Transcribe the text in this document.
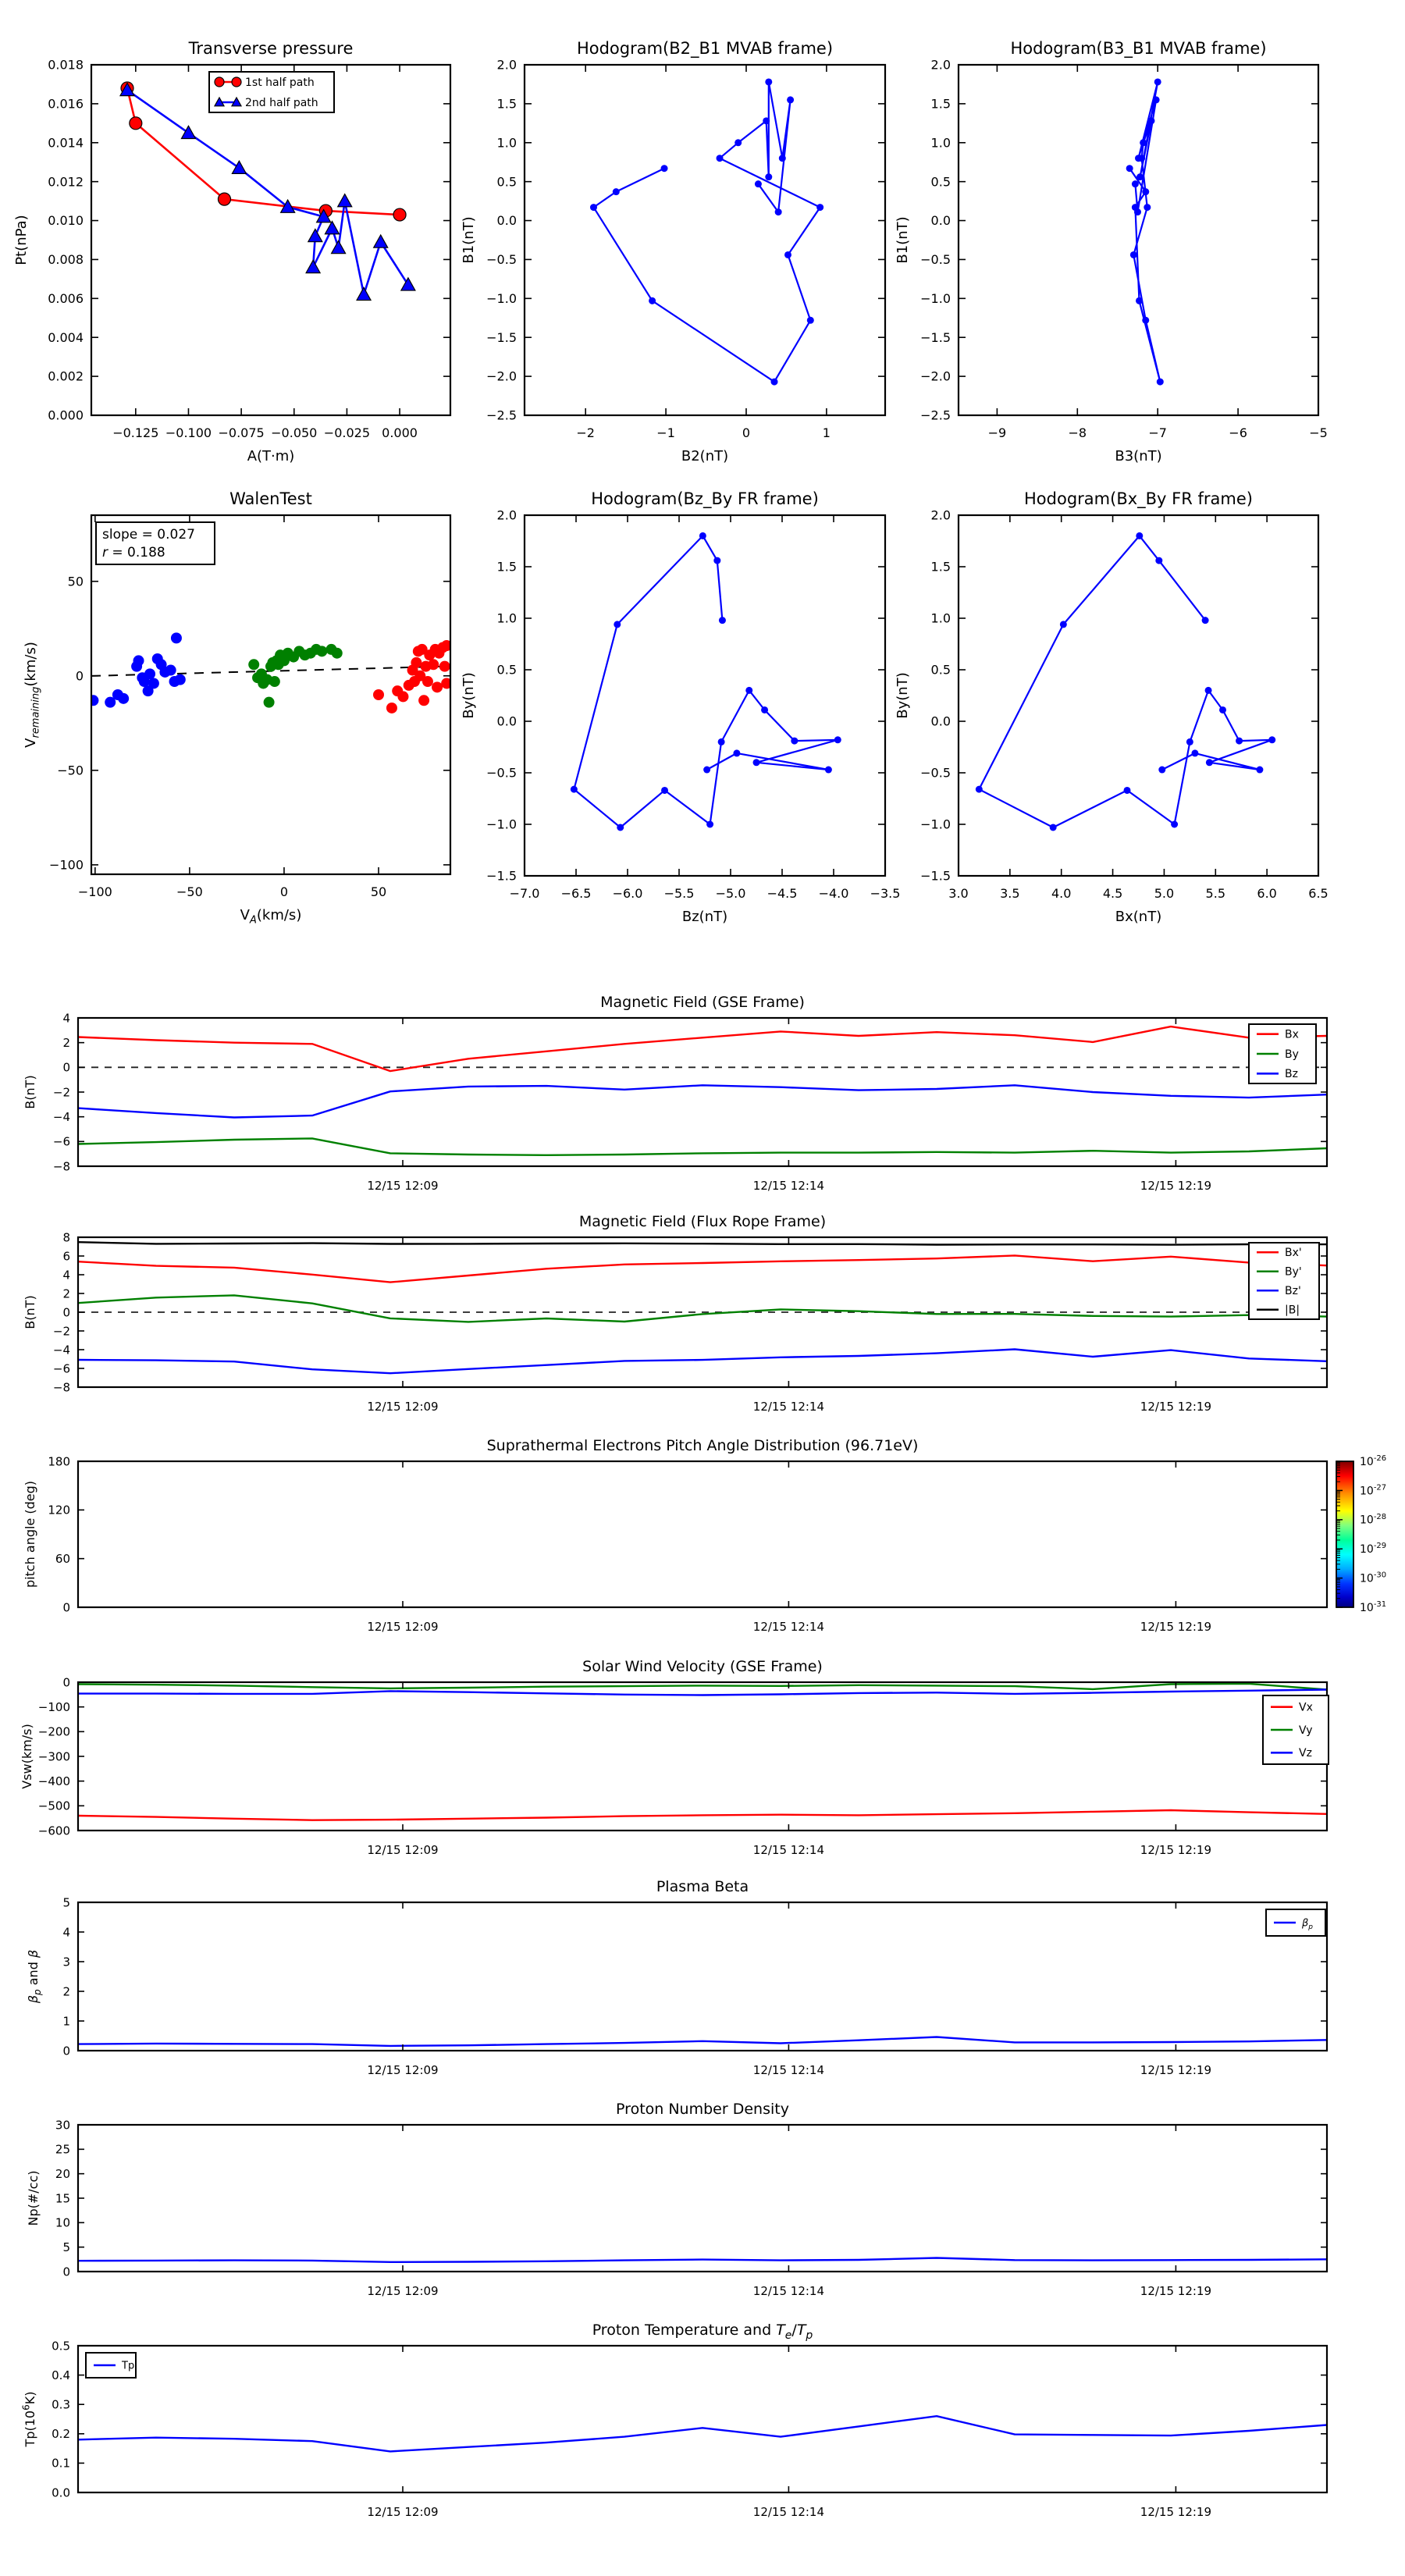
−0.125 −0.100 −0.075 −0.050 −0.025 0.000
0.000
0.002
0.004
0.006
0.008
0.010
0.012
0.014
0.016
0.018
Transverse pressure
A(T·m)
Pt(nPa)
1st half path
2nd half path
−2	−1	0	1
−2.5
−2.0
−1.5
−1.0
−0.5
0.0
0.5
1.0
1.5
2.0
Hodogram(B2_B1 MVAB frame)
B2(nT)
B1(nT)
−9	−8	−7	−6	−5
−2.5
−2.0
−1.5
−1.0
−0.5
0.0
0.5
1.0
1.5
2.0
Hodogram(B3_B1 MVAB frame)
B3(nT)
B1(nT)
−100	−50	0	50
−100
−50
0
50
WalenTest
$V_A(km/s)$
$V_{remaining}(km/s)$
slope = 0.027
r = 0.188
−7.0 −6.5 −6.0 −5.5 −5.0 −4.5 −4.0 −3.5
−1.5
−1.0
−0.5
0.0
0.5
1.0
1.5
2.0
Hodogram(Bz_By FR frame)
Bz(nT)
By(nT)
3.0	3.5	4.0	4.5	5.0	5.5	6.0	6.5
−1.5
−1.0
−0.5
0.0
0.5
1.0
1.5
2.0
Hodogram(Bx_By FR frame)
Bx(nT)
By(nT)
12/15 12:09	12/15 12:14	12/15 12:19
−8
−6
−4
−2
0
2
4
Magnetic Field (GSE Frame)
B(nT)
Bx
By
Bz
12/15 12:09	12/15 12:14	12/15 12:19
−8
−6
−4
−2
0
2
4
6
8
Magnetic Field (Flux Rope Frame)
B(nT)
Bx'
By'
Bz'
|B|
12/15 12:09	12/15 12:14	12/15 12:19
0
60
120
180
Suprathermal Electrons Pitch Angle Distribution (96.71eV)
pitch angle (deg)
$10^{-26}$
$10^{-27}$
$10^{-28}$
$10^{-29}$
$10^{-30}$
$10^{-31}$
12/15 12:09	12/15 12:14	12/15 12:19
−600
−500
−400
−300
−200
−100
0
Solar Wind Velocity (GSE Frame)
Vsw(km/s)
Vx
Vy
Vz
12/15 12:09	12/15 12:14	12/15 12:19
0
1
2
3
4
5
Plasma Beta
$\beta_p$ and β
$\beta_p$
12/15 12:09	12/15 12:14	12/15 12:19
0
5
10
15
20
25
30
Proton Number Density
Np(#/cc)
12/15 12:09	12/15 12:14	12/15 12:19
0.0
0.1
0.2
0.3
0.4
0.5
Proton Temperature and $T_e/T_p$
$Tp(10^6K)$
Tp
